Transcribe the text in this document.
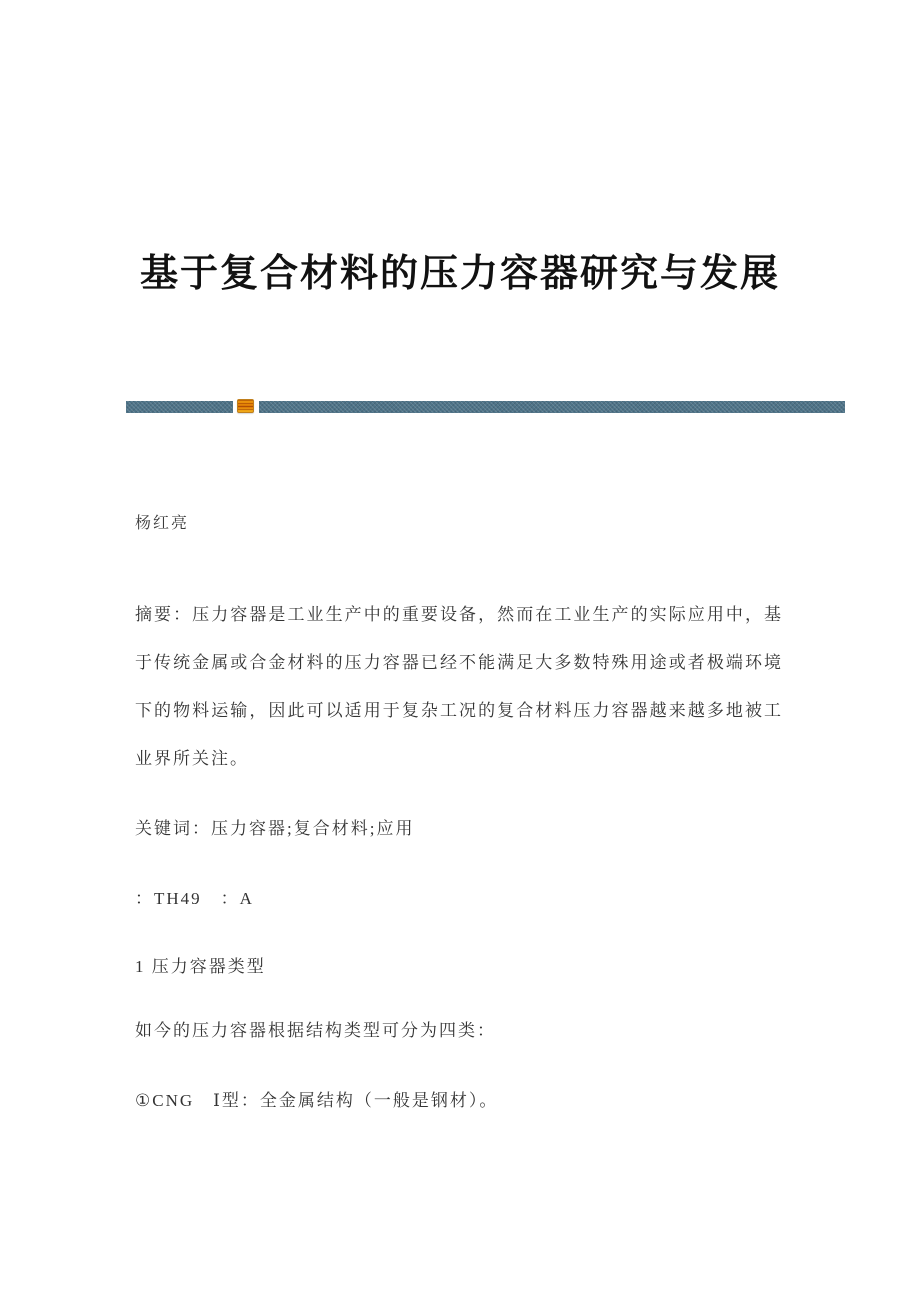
基于复合材料的压力容器研究与发展
杨红亮

摘要：压力容器是工业生产中的重要设备，然而在工业生产的实际应用中，基于传统金属或合金材料的压力容器已经不能满足大多数特殊用途或者极端环境下的物料运输，因此可以适用于复杂工况的复合材料压力容器越来越多地被工业界所关注。

关键词：压力容器;复合材料;应用

：TH49　：A

1 压力容器类型

如今的压力容器根据结构类型可分为四类：

①CNG　Ⅰ型：全金属结构（一般是钢材）。
